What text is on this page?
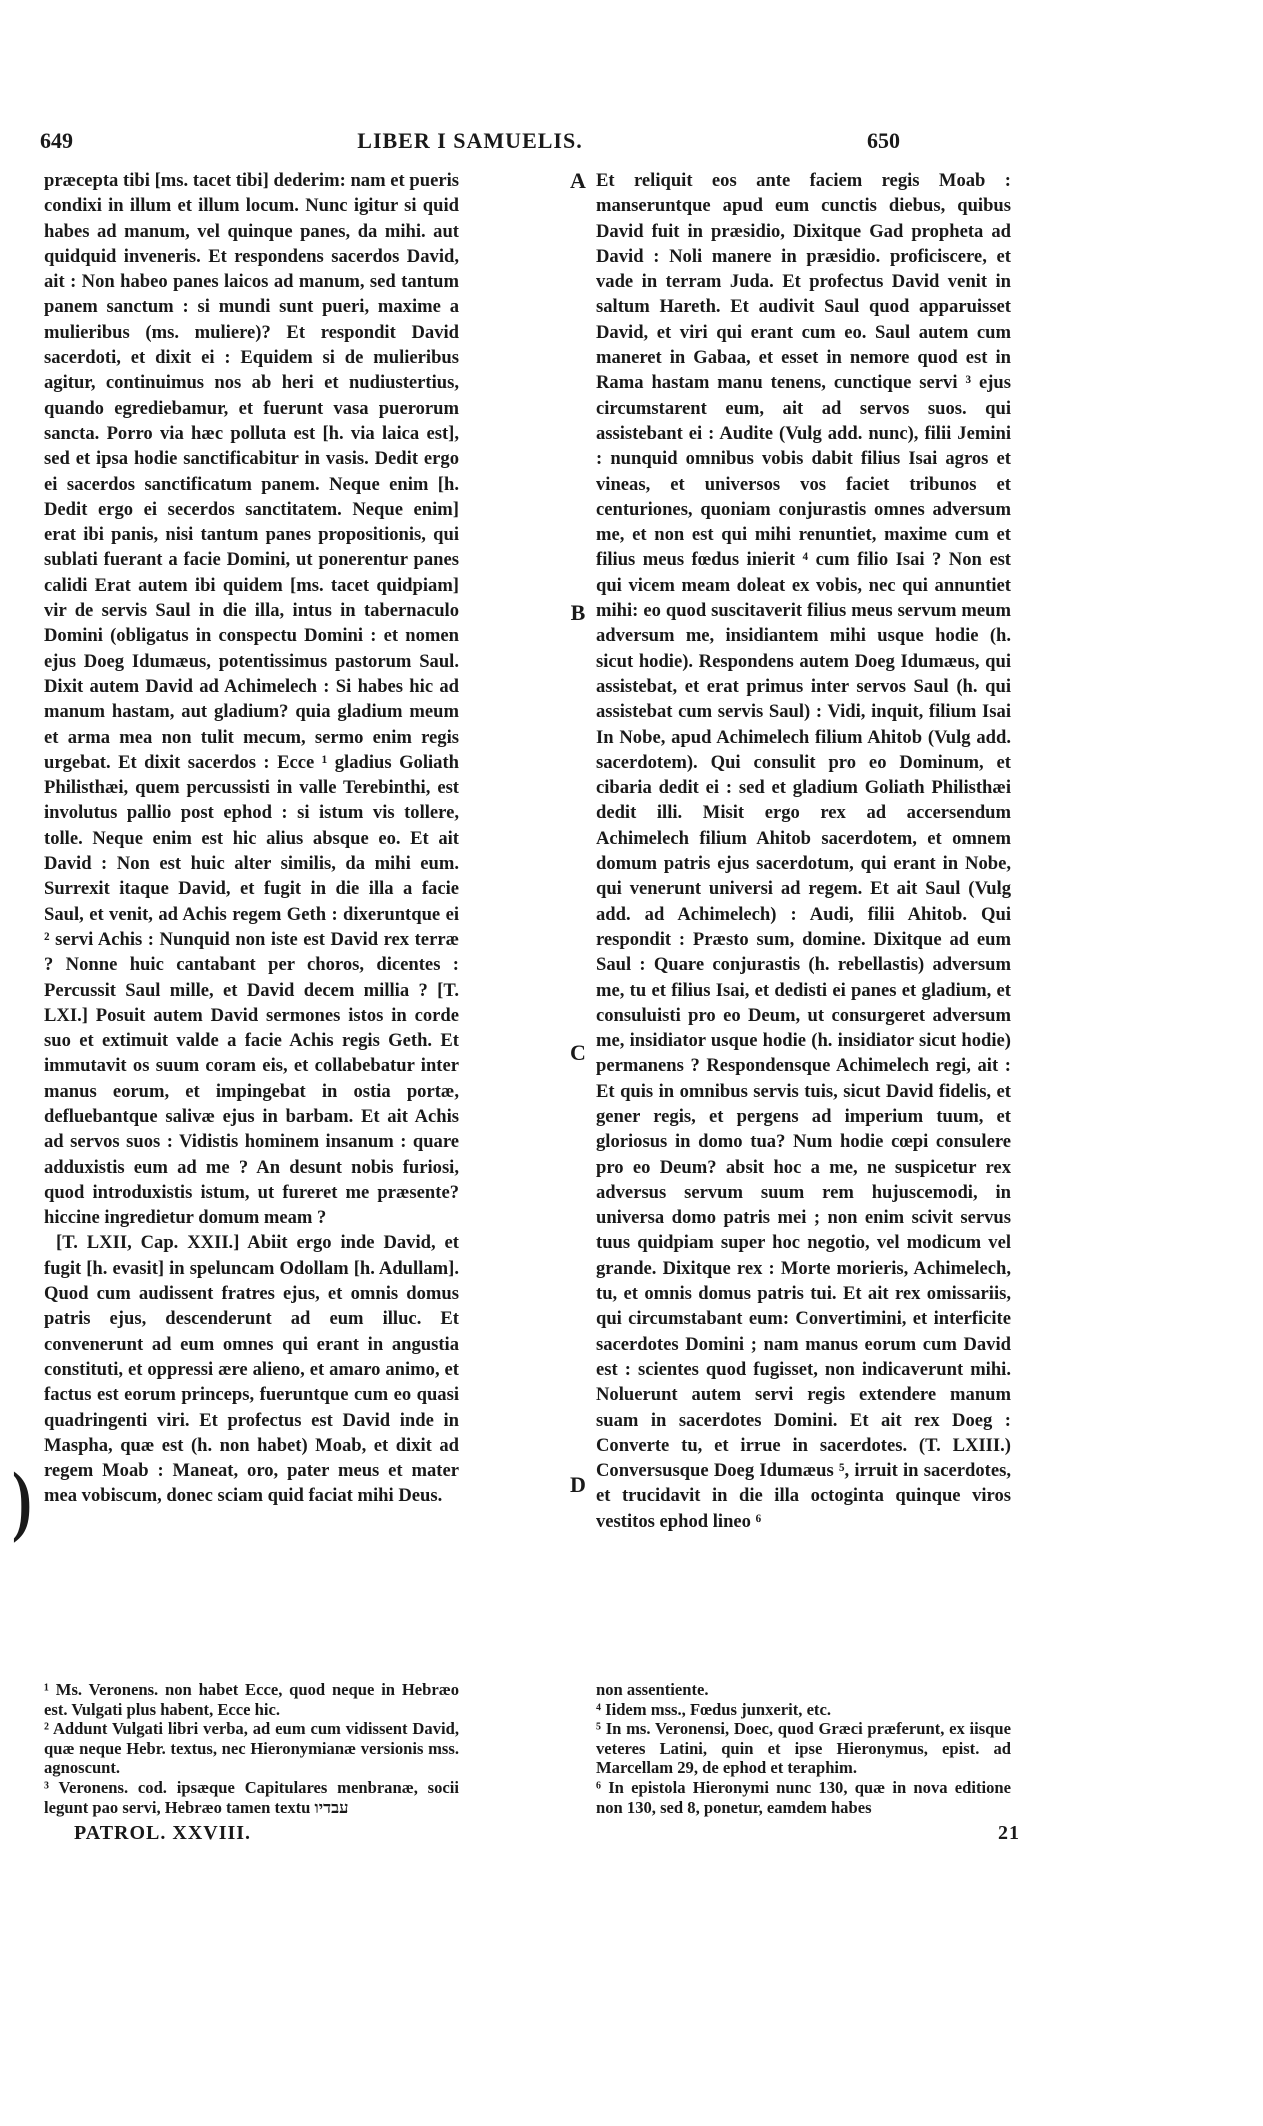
649	LIBER I SAMUELIS.	650
A
B
C
D
)

præcepta tibi [ms. tacet tibi] dederim: nam et pueris condixi in illum et illum locum. Nunc igitur si quid habes ad manum, vel quinque panes, da mihi. aut quidquid inveneris. Et respondens sacerdos David, ait : Non habeo panes laicos ad manum, sed tantum panem sanctum : si mundi sunt pueri, maxime a mulieribus (ms. muliere)? Et respondit David sacerdoti, et dixit ei : Equidem si de mulieribus agitur, continuimus nos ab heri et nudiustertius, quando egrediebamur, et fuerunt vasa puerorum sancta. Porro via hæc polluta est [h. via laica est], sed et ipsa hodie sanctificabitur in vasis. Dedit ergo ei sacerdos sanctificatum panem. Neque enim [h. Dedit ergo ei secerdos sanctitatem. Neque enim] erat ibi panis, nisi tantum panes propositionis, qui sublati fuerant a facie Domini, ut ponerentur panes calidi Erat autem ibi quidem [ms. tacet quidpiam] vir de servis Saul in die illa, intus in tabernaculo Domini (obligatus in conspectu Domini : et nomen ejus Doeg Idumæus, potentissimus pastorum Saul. Dixit autem David ad Achimelech : Si habes hic ad manum hastam, aut gladium? quia gladium meum et arma mea non tulit mecum, sermo enim regis urgebat. Et dixit sacerdos : Ecce ¹ gladius Goliath Philisthæi, quem percussisti in valle Terebinthi, est involutus pallio post ephod : si istum vis tollere, tolle. Neque enim est hic alius absque eo. Et ait David : Non est huic alter similis, da mihi eum. Surrexit itaque David, et fugit in die illa a facie Saul, et venit, ad Achis regem Geth : dixeruntque ei ² servi Achis : Nunquid non iste est David rex terræ ? Nonne huic cantabant per choros, dicentes : Percussit Saul mille, et David decem millia ? [T. LXI.] Posuit autem David sermones istos in corde suo et extimuit valde a facie Achis regis Geth. Et immutavit os suum coram eis, et collabebatur inter manus eorum, et impingebat in ostia portæ, defluebantque salivæ ejus in barbam. Et ait Achis ad servos suos : Vidistis hominem insanum : quare adduxistis eum ad me ? An desunt nobis furiosi, quod introduxistis istum, ut fureret me præsente? hiccine ingredietur domum meam ?

[T. LXII, Cap. XXII.] Abiit ergo inde David, et fugit [h. evasit] in speluncam Odollam [h. Adullam]. Quod cum audissent fratres ejus, et omnis domus patris ejus, descenderunt ad eum illuc. Et convenerunt ad eum omnes qui erant in angustia constituti, et oppressi ære alieno, et amaro animo, et factus est eorum princeps, fueruntque cum eo quasi quadringenti viri. Et profectus est David inde in Maspha, quæ est (h. non habet) Moab, et dixit ad regem Moab : Maneat, oro, pater meus et mater mea vobiscum, donec sciam quid faciat mihi Deus.

Et reliquit eos ante faciem regis Moab : manseruntque apud eum cunctis diebus, quibus David fuit in præsidio, Dixitque Gad propheta ad David : Noli manere in præsidio. proficiscere, et vade in terram Juda. Et profectus David venit in saltum Hareth. Et audivit Saul quod apparuisset David, et viri qui erant cum eo. Saul autem cum maneret in Gabaa, et esset in nemore quod est in Rama hastam manu tenens, cunctique servi ³ ejus circumstarent eum, ait ad servos suos. qui assistebant ei : Audite (Vulg add. nunc), filii Jemini : nunquid omnibus vobis dabit filius Isai agros et vineas, et universos vos faciet tribunos et centuriones, quoniam conjurastis omnes adversum me, et non est qui mihi renuntiet, maxime cum et filius meus fœdus inierit ⁴ cum filio Isai ? Non est qui vicem meam doleat ex vobis, nec qui annuntiet mihi: eo quod suscitaverit filius meus servum meum adversum me, insidiantem mihi usque hodie (h. sicut hodie). Respondens autem Doeg Idumæus, qui assistebat, et erat primus inter servos Saul (h. qui assistebat cum servis Saul) : Vidi, inquit, filium Isai In Nobe, apud Achimelech filium Ahitob (Vulg add. sacerdotem). Qui consulit pro eo Dominum, et cibaria dedit ei : sed et gladium Goliath Philisthæi dedit illi. Misit ergo rex ad accersendum Achimelech filium Ahitob sacerdotem, et omnem domum patris ejus sacerdotum, qui erant in Nobe, qui venerunt universi ad regem. Et ait Saul (Vulg add. ad Achimelech) : Audi, filii Ahitob. Qui respondit : Præsto sum, domine. Dixitque ad eum Saul : Quare conjurastis (h. rebellastis) adversum me, tu et filius Isai, et dedisti ei panes et gladium, et consuluisti pro eo Deum, ut consurgeret adversum me, insidiator usque hodie (h. insidiator sicut hodie) permanens ? Respondensque Achimelech regi, ait : Et quis in omnibus servis tuis, sicut David fidelis, et gener regis, et pergens ad imperium tuum, et gloriosus in domo tua? Num hodie cœpi consulere pro eo Deum? absit hoc a me, ne suspicetur rex adversus servum suum rem hujuscemodi, in universa domo patris mei ; non enim scivit servus tuus quidpiam super hoc negotio, vel modicum vel grande. Dixitque rex : Morte morieris, Achimelech, tu, et omnis domus patris tui. Et ait rex omissariis, qui circumstabant eum: Convertimini, et interficite sacerdotes Domini ; nam manus eorum cum David est : scientes quod fugisset, non indicaverunt mihi. Noluerunt autem servi regis extendere manum suam in sacerdotes Domini. Et ait rex Doeg : Converte tu, et irrue in sacerdotes. (T. LXIII.) Conversusque Doeg Idumæus ⁵, irruit in sacerdotes, et trucidavit in die illa octoginta quinque viros vestitos ephod lineo ⁶

¹ Ms. Veronens. non habet Ecce, quod neque in Hebræo est. Vulgati plus habent, Ecce hic.

² Addunt Vulgati libri verba, ad eum cum vidissent David, quæ neque Hebr. textus, nec Hieronymianæ versionis mss. agnoscunt.

³ Veronens. cod. ipsæque Capitulares menbranæ, socii legunt pao servi, Hebræo tamen textu עבדיו

non assentiente.

⁴ Iidem mss., Fœdus junxerit, etc.

⁵ In ms. Veronensi, Doec, quod Græci præferunt, ex iisque veteres Latini, quin et ipse Hieronymus, epist. ad Marcellam 29, de ephod et teraphim.

⁶ In epistola Hieronymi nunc 130, quæ in nova editione non 130, sed 8, ponetur, eamdem habes

PATROL. XXVIII.	21
